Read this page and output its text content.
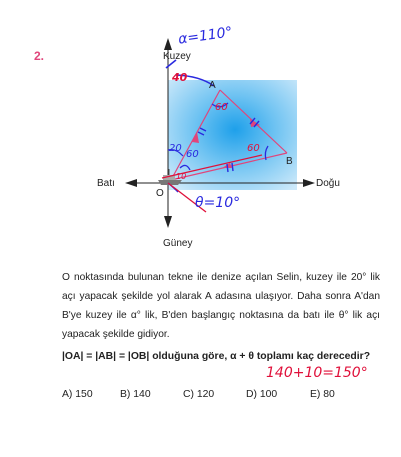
2.	Kuzey
Güney
Batı	Doğu
O
A
B
α=110°
40
60
60
60
20
10
θ=10°
140+10=150°
O noktasında bulunan tekne ile denize açılan Selin, kuzey ile 20° lik açı yapacak şekilde yol alarak A adasına ulaşıyor. Daha sonra A'dan B'ye kuzey ile α° lik, B'den başlangıç noktasına da batı ile θ° lik açı yapacak şekilde gidiyor.
|OA| = |AB| = |OB| olduğuna göre, α + θ toplamı kaç derecedir?
A) 150	B) 140	C) 120	D) 100	E) 80
